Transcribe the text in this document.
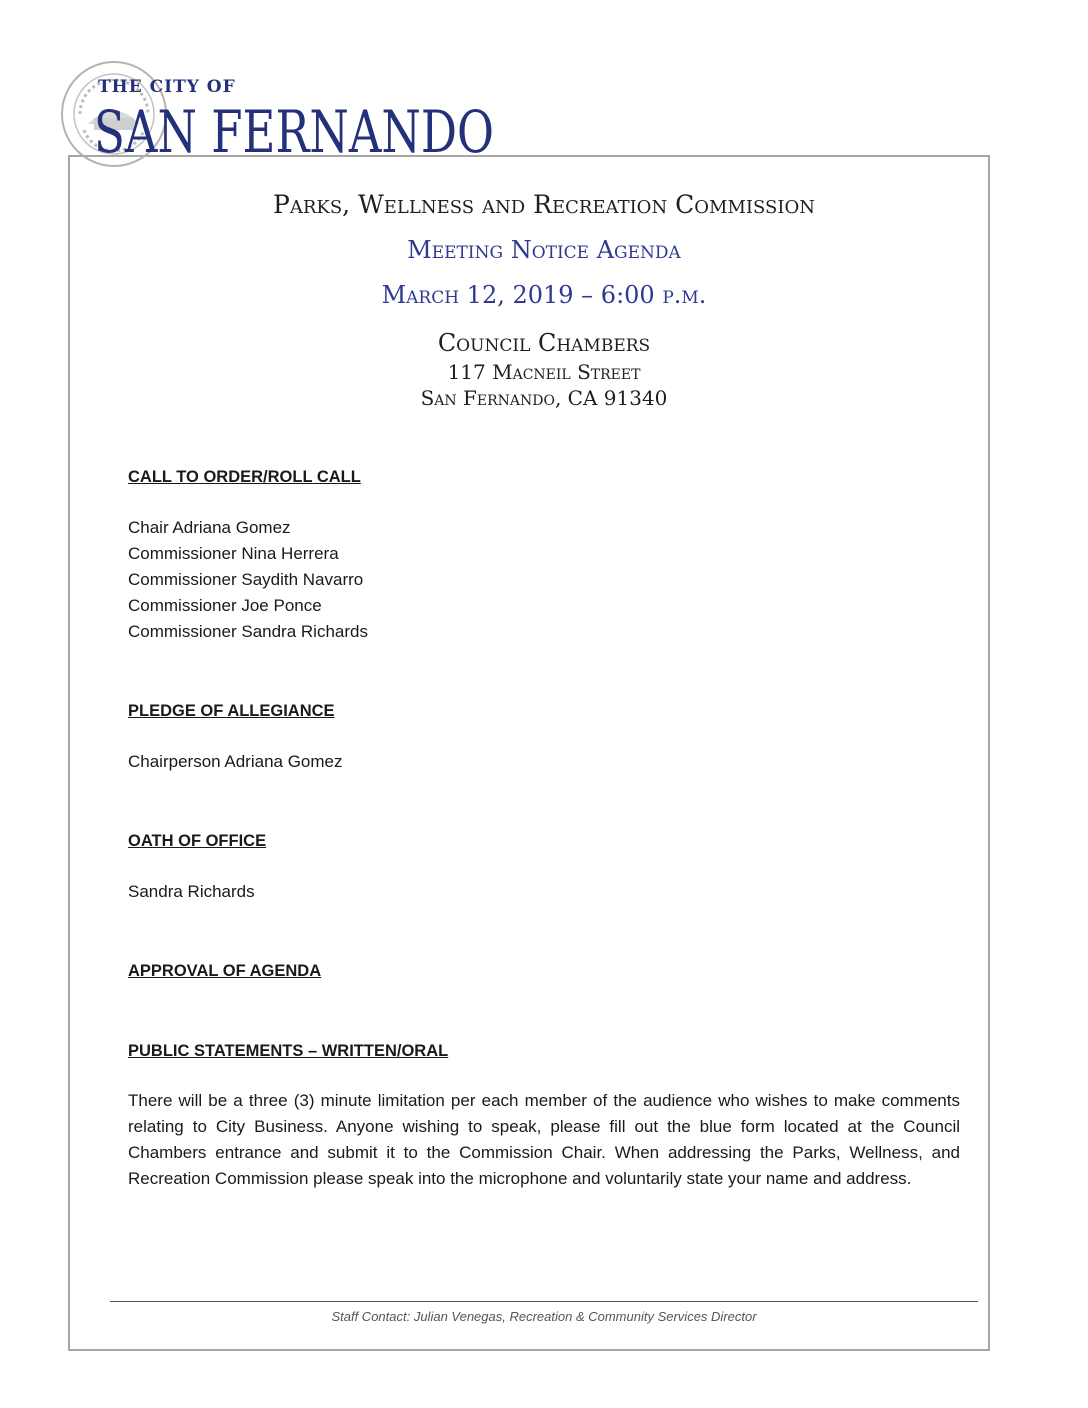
THE CITY OF
SAN FERNANDO
Parks, Wellness and Recreation Commission
Meeting Notice Agenda
March 12, 2019 – 6:00 p.m.
Council Chambers
117 Macneil Street
San Fernando, CA 91340
CALL TO ORDER/ROLL CALL
Chair Adriana Gomez
Commissioner Nina Herrera
Commissioner Saydith Navarro
Commissioner Joe Ponce
Commissioner Sandra Richards
PLEDGE OF ALLEGIANCE
Chairperson Adriana Gomez
OATH OF OFFICE
Sandra Richards
APPROVAL OF AGENDA
PUBLIC STATEMENTS – WRITTEN/ORAL
There will be a three (3) minute limitation per each member of the audience who wishes to make comments relating to City Business. Anyone wishing to speak, please fill out the blue form located at the Council Chambers entrance and submit it to the Commission Chair. When addressing the Parks, Wellness, and Recreation Commission please speak into the microphone and voluntarily state your name and address.
Staff Contact: Julian Venegas, Recreation & Community Services Director
